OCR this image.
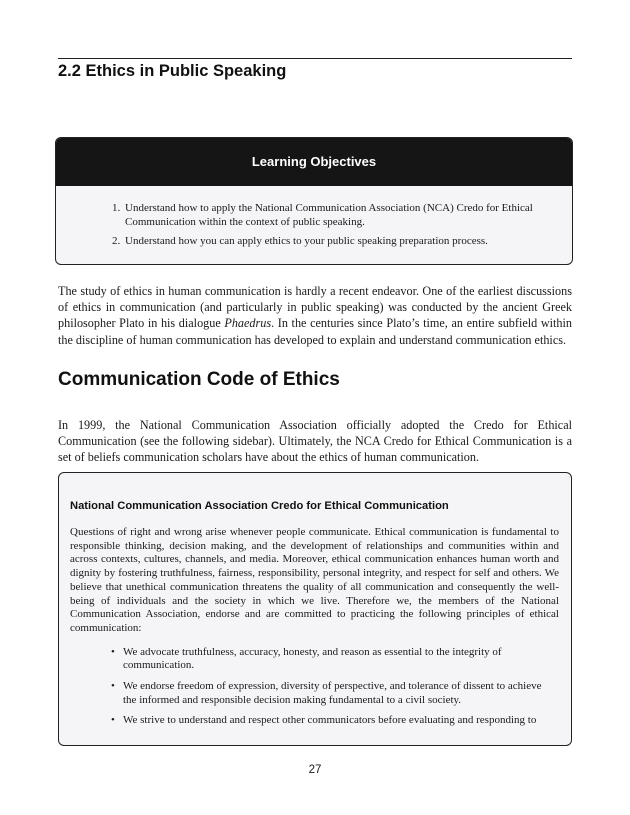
2.2 Ethics in Public Speaking
Learning Objectives
1. Understand how to apply the National Communication Association (NCA) Credo for Ethical Communication within the context of public speaking.
2. Understand how you can apply ethics to your public speaking preparation process.

The study of ethics in human communication is hardly a recent endeavor. One of the earliest discussions of ethics in communication (and particularly in public speaking) was conducted by the ancient Greek philosopher Plato in his dialogue Phaedrus. In the centuries since Plato’s time, an entire subfield within the discipline of human communication has developed to explain and understand communication ethics.

Communication Code of Ethics

In 1999, the National Communication Association officially adopted the Credo for Ethical Communication (see the following sidebar). Ultimately, the NCA Credo for Ethical Communication is a set of beliefs communication scholars have about the ethics of human communication.

National Communication Association Credo for Ethical Communication

Questions of right and wrong arise whenever people communicate. Ethical communication is fundamental to responsible thinking, decision making, and the development of relationships and communities within and across contexts, cultures, channels, and media. Moreover, ethical communication enhances human worth and dignity by fostering truthfulness, fairness, responsibility, personal integrity, and respect for self and others. We believe that unethical communication threatens the quality of all communication and consequently the well-being of individuals and the society in which we live. Therefore we, the members of the National Communication Association, endorse and are committed to practicing the following principles of ethical communication:

• We advocate truthfulness, accuracy, honesty, and reason as essential to the integrity of communication.
• We endorse freedom of expression, diversity of perspective, and tolerance of dissent to achieve the informed and responsible decision making fundamental to a civil society.
• We strive to understand and respect other communicators before evaluating and responding to
27
